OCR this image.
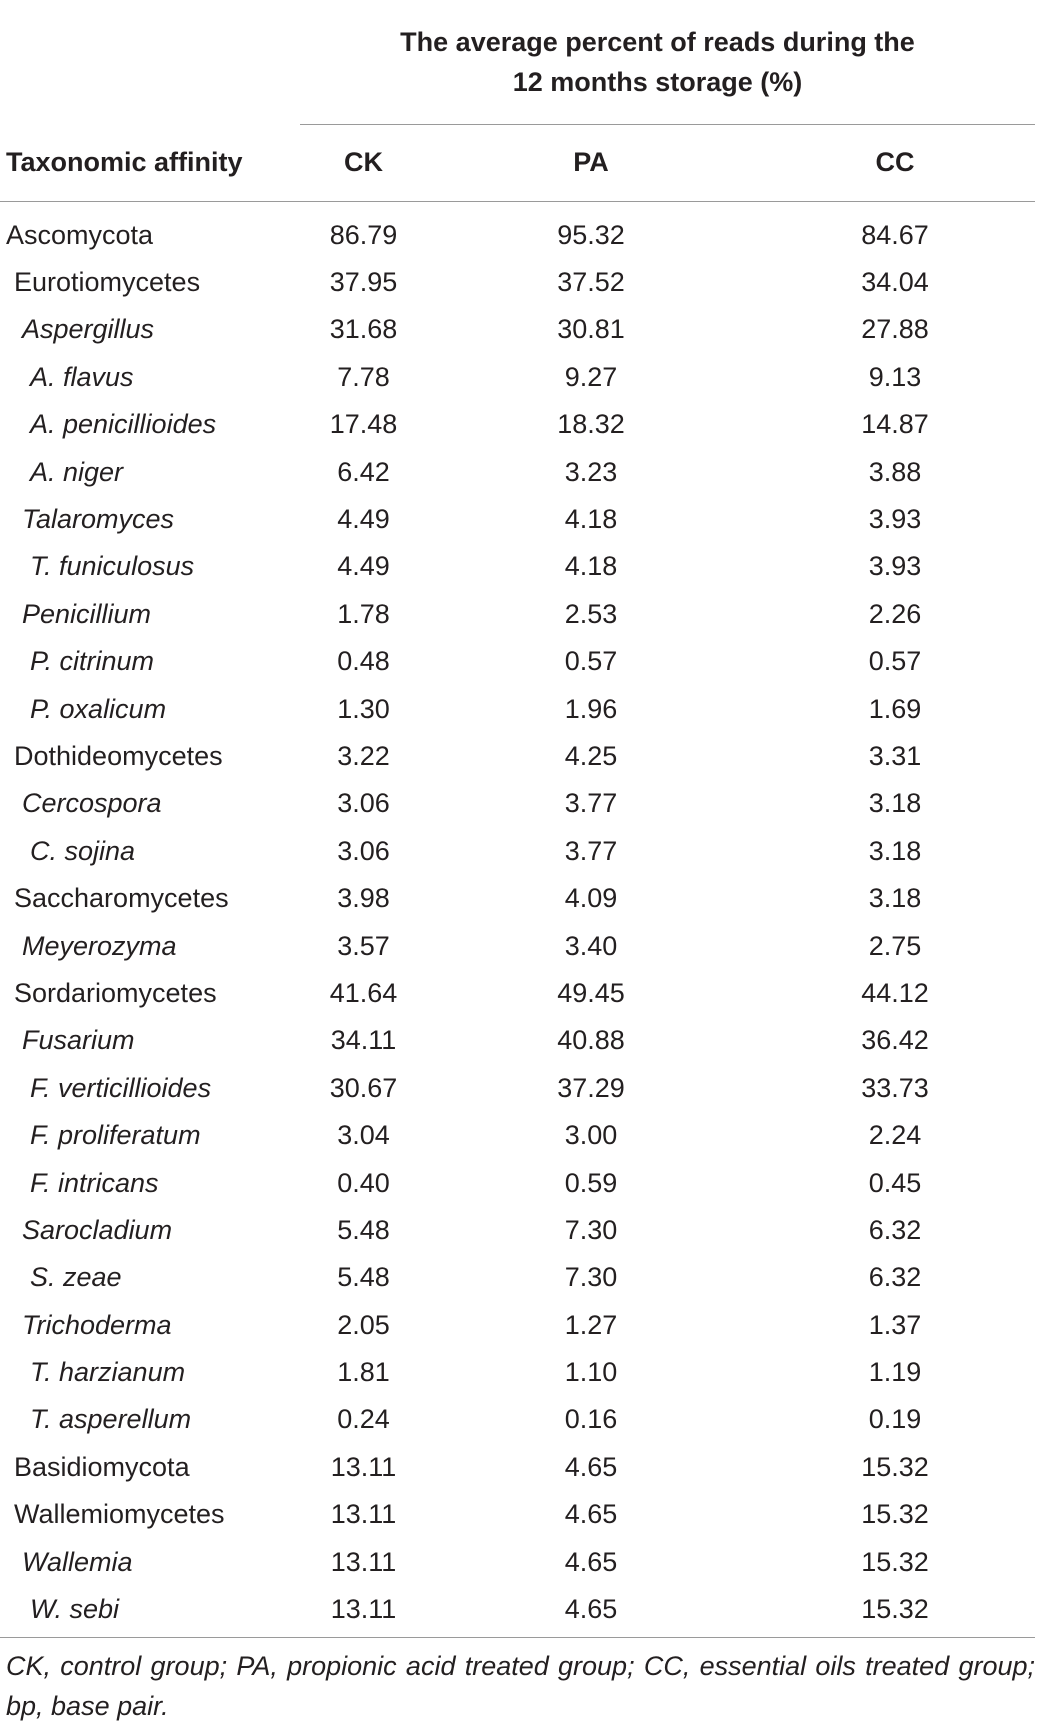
	The average percent of reads during the
12 months storage (%)		

Taxonomic affinity	CK	PA	CC
Ascomycota	86.79	95.32	84.67
Eurotiomycetes	37.95	37.52	34.04
Aspergillus	31.68	30.81	27.88
A. flavus	7.78	9.27	9.13
A. penicillioides	17.48	18.32	14.87
A. niger	6.42	3.23	3.88
Talaromyces	4.49	4.18	3.93
T. funiculosus	4.49	4.18	3.93
Penicillium	1.78	2.53	2.26
P. citrinum	0.48	0.57	0.57
P. oxalicum	1.30	1.96	1.69
Dothideomycetes	3.22	4.25	3.31
Cercospora	3.06	3.77	3.18
C. sojina	3.06	3.77	3.18
Saccharomycetes	3.98	4.09	3.18
Meyerozyma	3.57	3.40	2.75
Sordariomycetes	41.64	49.45	44.12
Fusarium	34.11	40.88	36.42
F. verticillioides	30.67	37.29	33.73
F. proliferatum	3.04	3.00	2.24
F. intricans	0.40	0.59	0.45
Sarocladium	5.48	7.30	6.32
S. zeae	5.48	7.30	6.32
Trichoderma	2.05	1.27	1.37
T. harzianum	1.81	1.10	1.19
T. asperellum	0.24	0.16	0.19
Basidiomycota	13.11	4.65	15.32
Wallemiomycetes	13.11	4.65	15.32
Wallemia	13.11	4.65	15.32
W. sebi	13.11	4.65	15.32
CK, control group; PA, propionic acid treated group; CC, essential oils treated group; bp, base pair.
